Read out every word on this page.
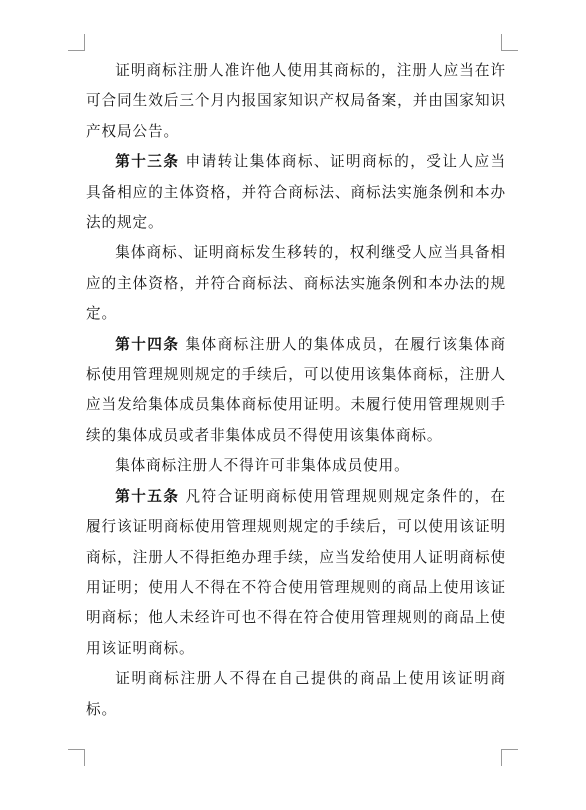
证明商标注册人准许他人使用其商标的，注册人应当在许可合同生效后三个月内报国家知识产权局备案，并由国家知识产权局公告。

第十三条 申请转让集体商标、证明商标的，受让人应当具备相应的主体资格，并符合商标法、商标法实施条例和本办法的规定。

集体商标、证明商标发生移转的，权利继受人应当具备相应的主体资格，并符合商标法、商标法实施条例和本办法的规定。

第十四条 集体商标注册人的集体成员，在履行该集体商标使用管理规则规定的手续后，可以使用该集体商标，注册人应当发给集体成员集体商标使用证明。未履行使用管理规则手续的集体成员或者非集体成员不得使用该集体商标。

集体商标注册人不得许可非集体成员使用。

第十五条 凡符合证明商标使用管理规则规定条件的，在履行该证明商标使用管理规则规定的手续后，可以使用该证明商标，注册人不得拒绝办理手续，应当发给使用人证明商标使用证明；使用人不得在不符合使用管理规则的商品上使用该证明商标；他人未经许可也不得在符合使用管理规则的商品上使用该证明商标。

证明商标注册人不得在自己提供的商品上使用该证明商标。
